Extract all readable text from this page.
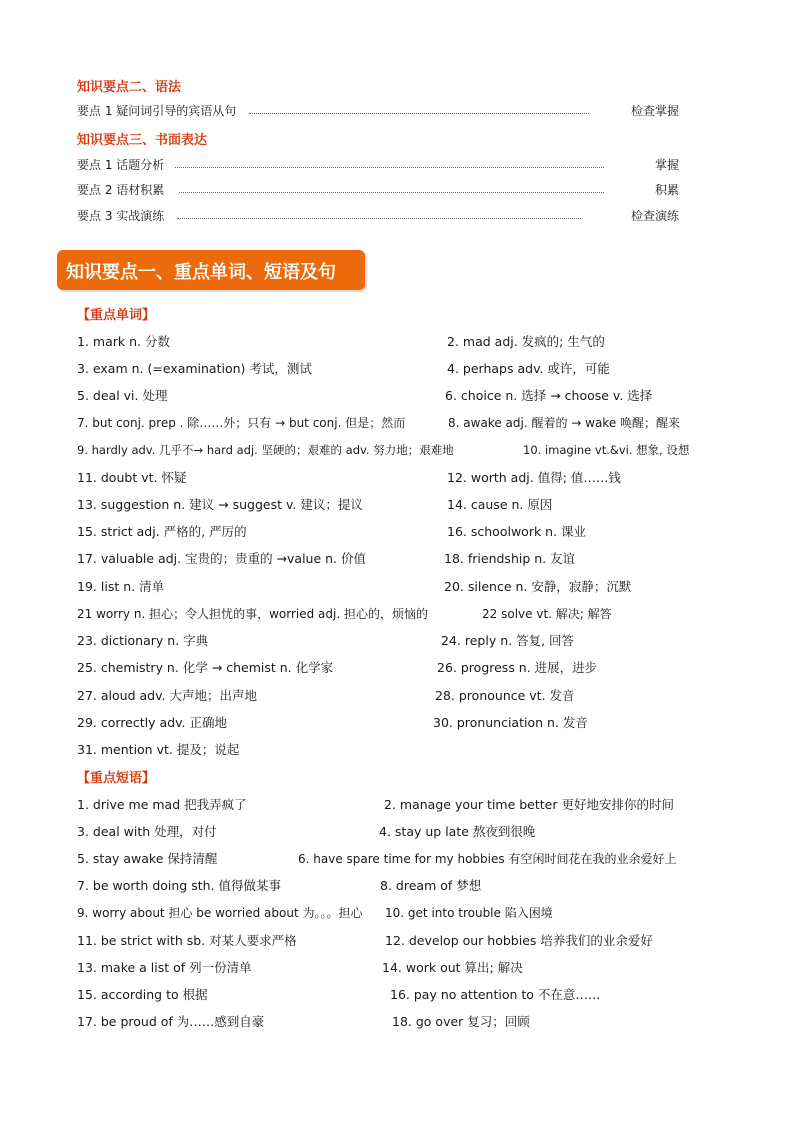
知识要点二、语法
要点 1 疑问词引导的宾语从句	检查掌握
知识要点三、书面表达
要点 1 话题分析	掌握
要点 2 语材积累	积累
要点 3 实战演练	检查演练
知识要点一、重点单词、短语及句
【重点单词】
1. mark n. 分数	2. mad adj. 发疯的; 生气的
3. exam n. (=examination) 考试，测试	4. perhaps adv. 或许，可能
5. deal vi. 处理	6. choice n. 选择 → choose v. 选择
7. but conj. prep . 除……外；只有 → but conj. 但是；然而	8. awake adj. 醒着的 → wake 唤醒；醒来
9. hardly adv. 几乎不→ hard adj. 坚硬的；艰难的 adv. 努力地；艰难地	10. imagine vt.&vi. 想象, 设想
11. doubt vt. 怀疑	12. worth adj. 值得; 值……钱
13. suggestion n. 建议 → suggest v. 建议；提议	14. cause n. 原因
15. strict adj. 严格的, 严厉的	16. schoolwork n. 课业
17. valuable adj. 宝贵的；贵重的 →value n. 价值	18. friendship n. 友谊
19. list n. 清单	20. silence n. 安静，寂静；沉默
21 worry n. 担心；令人担忧的事，worried adj. 担心的，烦恼的	22 solve vt. 解决; 解答
23. dictionary n. 字典	24. reply n. 答复, 回答
25. chemistry n. 化学 → chemist n. 化学家	26. progress n. 进展，进步
27. aloud adv. 大声地；出声地	28. pronounce vt. 发音
29. correctly adv. 正确地	30. pronunciation n. 发音
31. mention vt. 提及；说起
【重点短语】
1. drive me mad 把我弄疯了	2. manage your time better 更好地安排你的时间
3. deal with 处理，对付	4. stay up late 熬夜到很晚
5. stay awake 保持清醒	6. have spare time for my hobbies 有空闲时间花在我的业余爱好上
7. be worth doing sth. 值得做某事	8. dream of 梦想
9. worry about 担心 be worried about 为。。。担心 10. get into trouble 陷入困境
11. be strict with sb. 对某人要求严格	12. develop our hobbies 培养我们的业余爱好
13. make a list of 列一份清单	14. work out 算出; 解决
15. according to 根据	16. pay no attention to 不在意……
17. be proud of 为……感到自豪	18. go over 复习；回顾
